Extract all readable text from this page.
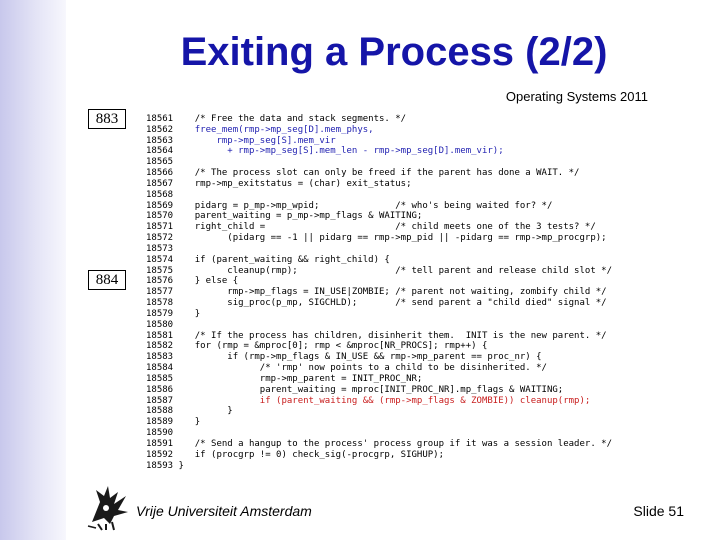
Exiting a Process (2/2)
Operating Systems 2011
883
884
18561    /* Free the data and stack segments. */
18562    free_mem(rmp->mp_seg[D].mem_phys,
18563        rmp->mp_seg[S].mem_vir
18564          + rmp->mp_seg[S].mem_len - rmp->mp_seg[D].mem_vir);
18565
18566    /* The process slot can only be freed if the parent has done a WAIT. */
18567    rmp->mp_exitstatus = (char) exit_status;
18568
18569    pidarg = p_mp->mp_wpid;              /* who's being waited for? */
18570    parent_waiting = p_mp->mp_flags & WAITING;
18571    right_child =                        /* child meets one of the 3 tests? */
18572          (pidarg == -1 || pidarg == rmp->mp_pid || -pidarg == rmp->mp_procgrp);
18573
18574    if (parent_waiting && right_child) {
18575          cleanup(rmp);                  /* tell parent and release child slot */
18576    } else {
18577          rmp->mp_flags = IN_USE|ZOMBIE; /* parent not waiting, zombify child */
18578          sig_proc(p_mp, SIGCHLD);       /* send parent a "child died" signal */
18579    }
18580
18581    /* If the process has children, disinherit them.  INIT is the new parent. */
18582    for (rmp = &mproc[0]; rmp < &mproc[NR_PROCS]; rmp++) {
18583          if (rmp->mp_flags & IN_USE && rmp->mp_parent == proc_nr) {
18584                /* 'rmp' now points to a child to be disinherited. */
18585                rmp->mp_parent = INIT_PROC_NR;
18586                parent_waiting = mproc[INIT_PROC_NR].mp_flags & WAITING;
18587                if (parent_waiting && (rmp->mp_flags & ZOMBIE)) cleanup(rmp);
18588          }
18589    }
18590
18591    /* Send a hangup to the process' process group if it was a session leader. */
18592    if (procgrp != 0) check_sig(-procgrp, SIGHUP);
18593 }
Vrije Universiteit Amsterdam	Slide 51
